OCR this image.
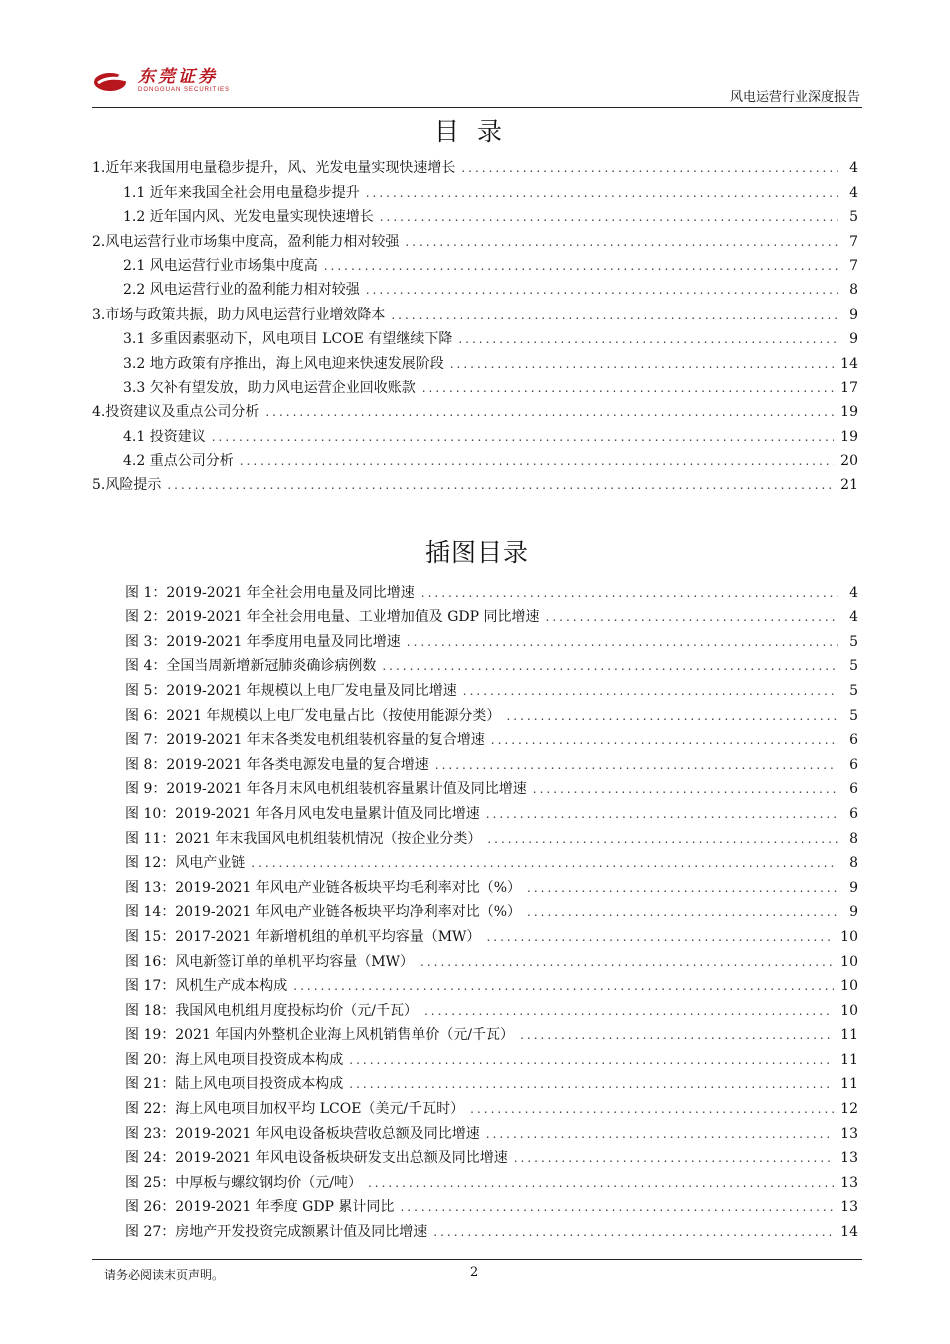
东莞证券
DONGGUAN SECURITIES	风电运营行业深度报告
目录
1.近年来我国用电量稳步提升，风、光发电量实现快速增长 .....	4
1.1 近年来我国全社会用电量稳步提升 .....	4
1.2 近年国内风、光发电量实现快速增长 .....	5
2.风电运营行业市场集中度高，盈利能力相对较强 .....	7
2.1 风电运营行业市场集中度高 .....	7
2.2 风电运营行业的盈利能力相对较强 .....	8
3.市场与政策共振，助力风电运营行业增效降本 .....	9
3.1 多重因素驱动下，风电项目 LCOE 有望继续下降 .....	9
3.2 地方政策有序推出，海上风电迎来快速发展阶段 .....	14
3.3 欠补有望发放，助力风电运营企业回收账款 .....	17
4.投资建议及重点公司分析 .....	19
4.1 投资建议 .....	19
4.2 重点公司分析 .....	20
5.风险提示 .....	21
插图目录
图 1：2019-2021 年全社会用电量及同比增速 .....	4
图 2：2019-2021 年全社会用电量、工业增加值及 GDP 同比增速 .....	4
图 3：2019-2021 年季度用电量及同比增速 .....	5
图 4：全国当周新增新冠肺炎确诊病例数 .....	5
图 5：2019-2021 年规模以上电厂发电量及同比增速 .....	5
图 6：2021 年规模以上电厂发电量占比（按使用能源分类） .....	5
图 7：2019-2021 年末各类发电机组装机容量的复合增速 .....	6
图 8：2019-2021 年各类电源发电量的复合增速 .....	6
图 9：2019-2021 年各月末风电机组装机容量累计值及同比增速 .....	6
图 10：2019-2021 年各月风电发电量累计值及同比增速 .....	6
图 11：2021 年末我国风电机组装机情况（按企业分类） .....	8
图 12：风电产业链 .....	8
图 13：2019-2021 年风电产业链各板块平均毛利率对比（%） .....	9
图 14：2019-2021 年风电产业链各板块平均净利率对比（%） .....	9
图 15：2017-2021 年新增机组的单机平均容量（MW） .....	10
图 16：风电新签订单的单机平均容量（MW） .....	10
图 17：风机生产成本构成 .....	10
图 18：我国风电机组月度投标均价（元/千瓦） .....	10
图 19：2021 年国内外整机企业海上风机销售单价（元/千瓦） .....	11
图 20：海上风电项目投资成本构成 .....	11
图 21：陆上风电项目投资成本构成 .....	11
图 22：海上风电项目加权平均 LCOE（美元/千瓦时） .....	12
图 23：2019-2021 年风电设备板块营收总额及同比增速 .....	13
图 24：2019-2021 年风电设备板块研发支出总额及同比增速 .....	13
图 25：中厚板与螺纹钢均价（元/吨） .....	13
图 26：2019-2021 年季度 GDP 累计同比 .....	13
图 27：房地产开发投资完成额累计值及同比增速 .....	14
请务必阅读末页声明。	2
